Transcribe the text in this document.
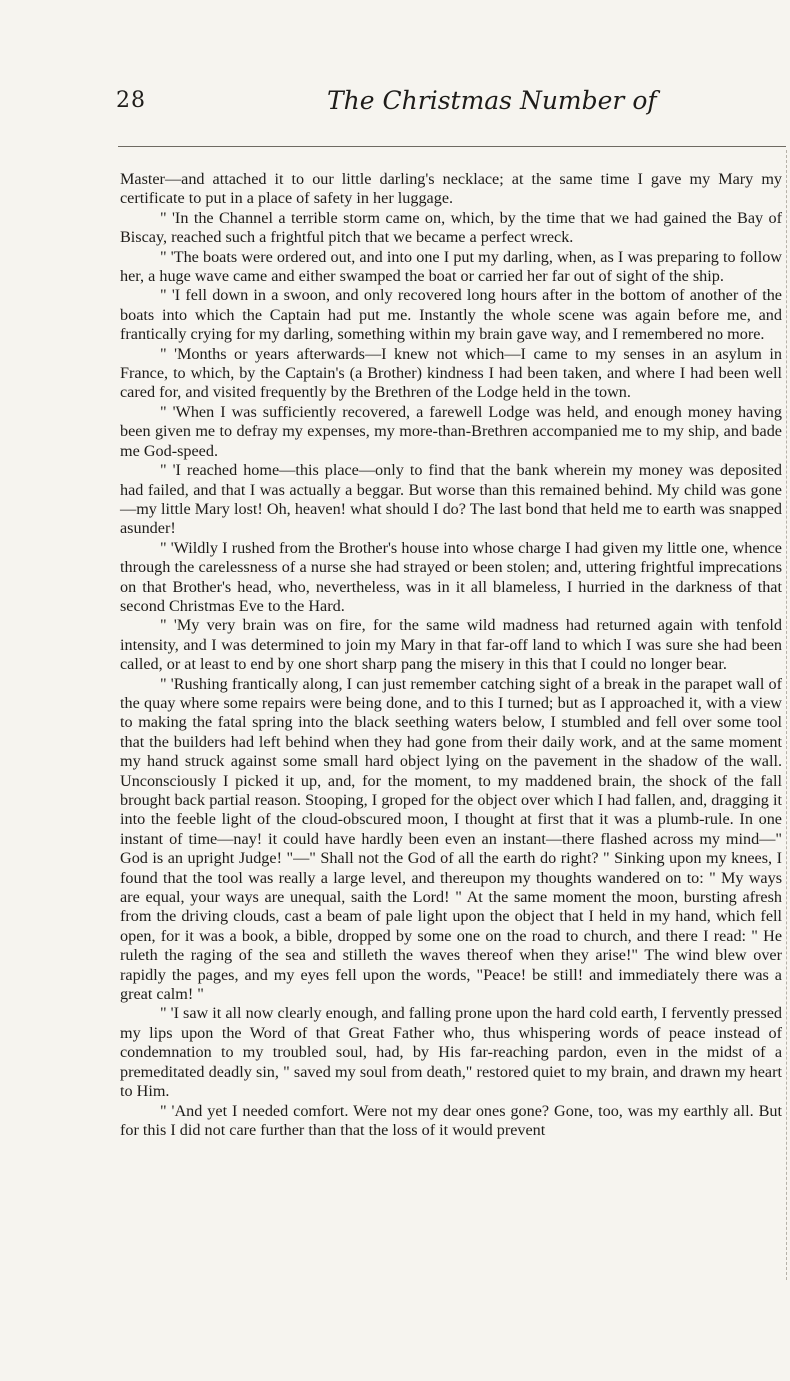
28	The Christmas Number of

Master—and attached it to our little darling's necklace; at the same time I gave my Mary my certificate to put in a place of safety in her luggage.

" 'In the Channel a terrible storm came on, which, by the time that we had gained the Bay of Biscay, reached such a frightful pitch that we became a perfect wreck.

" 'The boats were ordered out, and into one I put my darling, when, as I was preparing to follow her, a huge wave came and either swamped the boat or carried her far out of sight of the ship.

" 'I fell down in a swoon, and only recovered long hours after in the bottom of another of the boats into which the Captain had put me. Instantly the whole scene was again before me, and frantically crying for my darling, something within my brain gave way, and I remembered no more.

" 'Months or years afterwards—I knew not which—I came to my senses in an asylum in France, to which, by the Captain's (a Brother) kindness I had been taken, and where I had been well cared for, and visited frequently by the Brethren of the Lodge held in the town.

" 'When I was sufficiently recovered, a farewell Lodge was held, and enough money having been given me to defray my expenses, my more-than-Brethren accompanied me to my ship, and bade me God-speed.

" 'I reached home—this place—only to find that the bank wherein my money was deposited had failed, and that I was actually a beggar. But worse than this remained behind. My child was gone—my little Mary lost! Oh, heaven! what should I do? The last bond that held me to earth was snapped asunder!

" 'Wildly I rushed from the Brother's house into whose charge I had given my little one, whence through the carelessness of a nurse she had strayed or been stolen; and, uttering frightful imprecations on that Brother's head, who, nevertheless, was in it all blameless, I hurried in the darkness of that second Christmas Eve to the Hard.

" 'My very brain was on fire, for the same wild madness had returned again with tenfold intensity, and I was determined to join my Mary in that far-off land to which I was sure she had been called, or at least to end by one short sharp pang the misery in this that I could no longer bear.

" 'Rushing frantically along, I can just remember catching sight of a break in the parapet wall of the quay where some repairs were being done, and to this I turned; but as I approached it, with a view to making the fatal spring into the black seething waters below, I stumbled and fell over some tool that the builders had left behind when they had gone from their daily work, and at the same moment my hand struck against some small hard object lying on the pavement in the shadow of the wall. Unconsciously I picked it up, and, for the moment, to my maddened brain, the shock of the fall brought back partial reason. Stooping, I groped for the object over which I had fallen, and, dragging it into the feeble light of the cloud-obscured moon, I thought at first that it was a plumb-rule. In one instant of time—nay! it could have hardly been even an instant—there flashed across my mind—" God is an upright Judge! "—" Shall not the God of all the earth do right? " Sinking upon my knees, I found that the tool was really a large level, and thereupon my thoughts wandered on to: " My ways are equal, your ways are unequal, saith the Lord! " At the same moment the moon, bursting afresh from the driving clouds, cast a beam of pale light upon the object that I held in my hand, which fell open, for it was a book, a bible, dropped by some one on the road to church, and there I read: " He ruleth the raging of the sea and stilleth the waves thereof when they arise!" The wind blew over rapidly the pages, and my eyes fell upon the words, "Peace! be still! and immediately there was a great calm! "

" 'I saw it all now clearly enough, and falling prone upon the hard cold earth, I fervently pressed my lips upon the Word of that Great Father who, thus whispering words of peace instead of condemnation to my troubled soul, had, by His far-reaching pardon, even in the midst of a premeditated deadly sin, " saved my soul from death," restored quiet to my brain, and drawn my heart to Him.

" 'And yet I needed comfort. Were not my dear ones gone? Gone, too, was my earthly all. But for this I did not care further than that the loss of it would prevent
